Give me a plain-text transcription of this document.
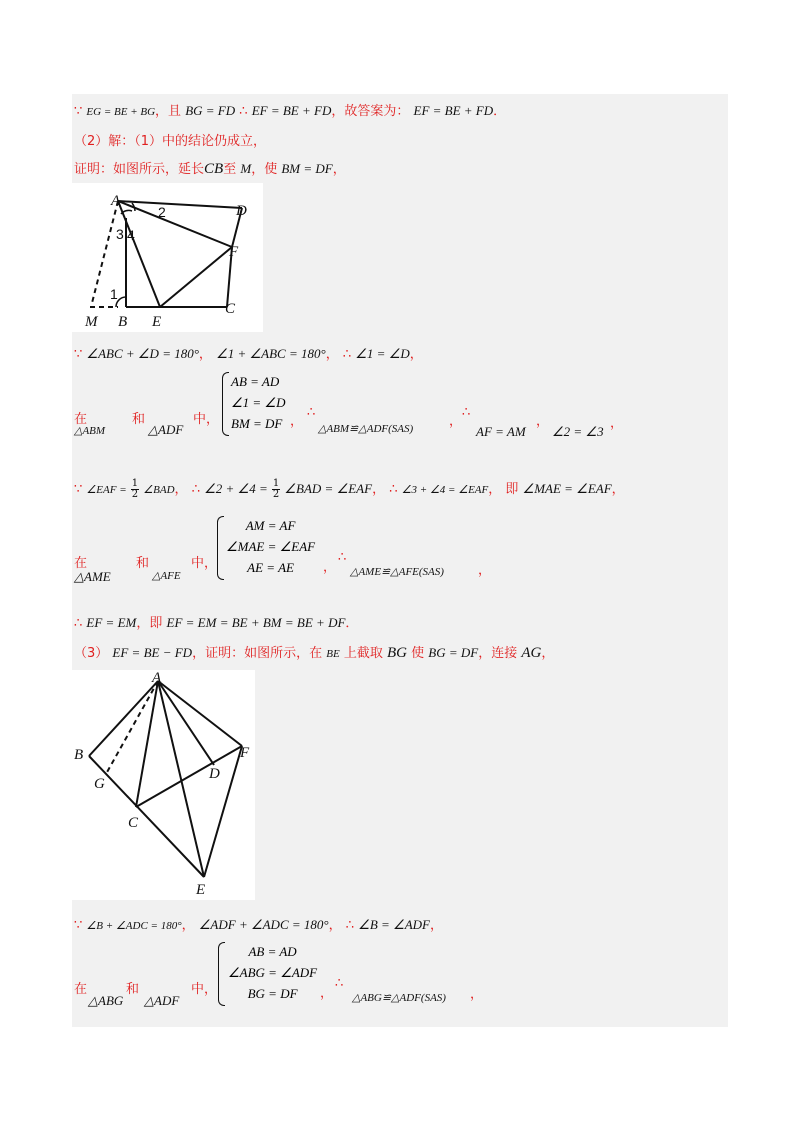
∵ EG = BE + BG，且 BG = FD ∴ EF = BE + FD，故答案为： EF = BE + FD．
（2）解：（1）中的结论仍成立，
证明：如图所示，延长CB至 M，使 BM = DF，
A
D
F
C
M B E
1
2
3 4
∵ ∠ABC + ∠D = 180°， ∠1 + ∠ABC = 180°， ∴ ∠1 = ∠D，
在
△ABM
和
△ADF
中，
AB = AD
∠1 = ∠D
BM = DF ，
∴
△ABM≌△ADF(SAS)	，
∴
AF = AM
，
∠2 = ∠3
，
∵ ∠EAF = $\frac{1}{2}$ ∠BAD， ∴ ∠2 + ∠4 = $\frac{1}{2}$ ∠BAD = ∠EAF， ∴ ∠3 + ∠4 = ∠EAF， 即 ∠MAE = ∠EAF，
在
△AME
和
△AFE
中，
AM = AF
∠MAE = ∠EAF
AE = AE	，
∴
△AME≌△AFE(SAS)	，
∴ EF = EM，即 EF = EM = BE + BM = BE + DF．
（3） EF = BE − FD，证明：如图所示，在 BE 上截取 BG 使 BG = DF，连接 AG，
A
B	F
G
D
C
E
∵ ∠B + ∠ADC = 180°， ∠ADF + ∠ADC = 180°， ∴ ∠B = ∠ADF，
在
△ABG
和
△ADF
中，
AB = AD
∠ABG = ∠ADF
BG = DF	，
∴
△ABG≌△ADF(SAS) ，
